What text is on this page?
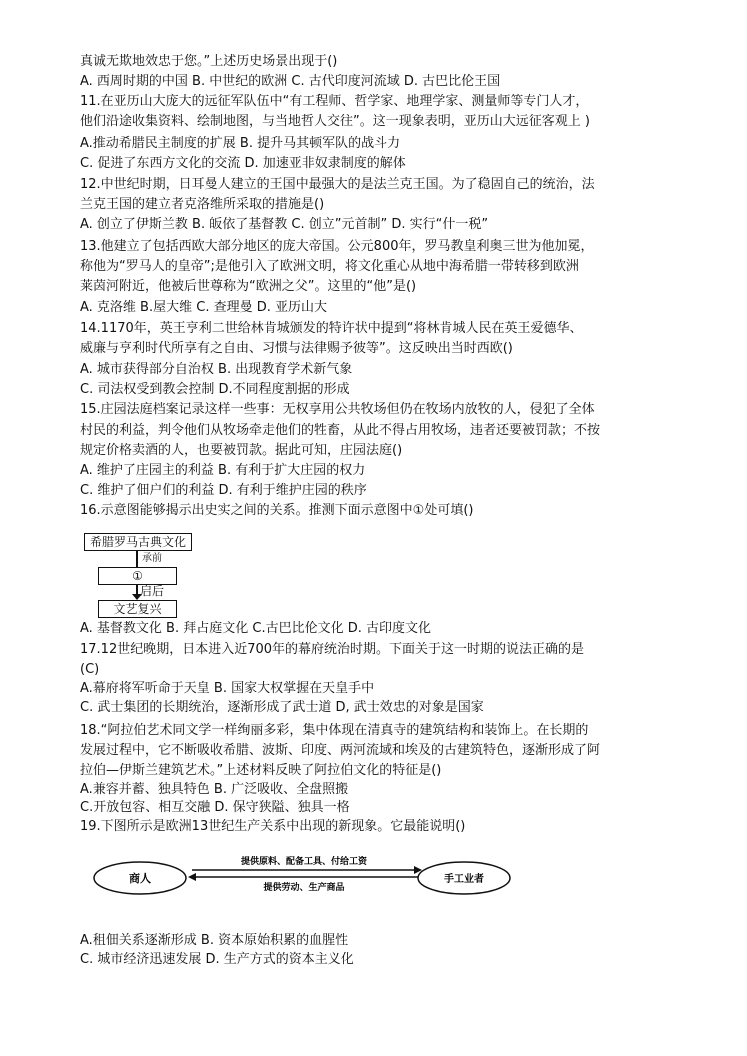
真诚无欺地效忠于您。”上述历史场景出现于()
A. 西周时期的中国 B. 中世纪的欧洲 C. 古代印度河流域 D. 古巴比伦王国
11.在亚历山大庞大的远征军队伍中“有工程师、哲学家、地理学家、测量师等专门人才，
他们沿途收集资料、绘制地图，与当地哲人交往”。这一现象表明，亚历山大远征客观上 )
A.推动希腊民主制度的扩展 B. 提升马其顿军队的战斗力
C. 促进了东西方文化的交流 D. 加速亚非奴隶制度的解体
12.中世纪时期，日耳曼人建立的王国中最强大的是法兰克王国。为了稳固自己的统治，法
兰克王国的建立者克洛维所采取的措施是()
A. 创立了伊斯兰教 B. 皈依了基督教 C. 创立”元首制” D. 实行“什一税”
13.他建立了包括西欧大部分地区的庞大帝国。公元800年，罗马教皇利奥三世为他加冕，
称他为“罗马人的皇帝”;是他引入了欧洲文明，将文化重心从地中海希腊一带转移到欧洲
莱茵河附近，他被后世尊称为“欧洲之父”。这里的“他”是()
A. 克洛维 B.屋大维 C. 查理曼 D. 亚历山大
14.1170年，英王亨利二世给林肯城颁发的特许状中提到“将林肯城人民在英王爱德华、
威廉与亨利时代所享有之自由、习惯与法律赐予彼等”。这反映出当时西欧()
A. 城市获得部分自治权 B. 出现教育学术新气象
C. 司法权受到教会控制 D.不同程度割据的形成
15.庄园法庭档案记录这样一些事：无权享用公共牧场但仍在牧场内放牧的人，侵犯了全体
村民的利益，判令他们从牧场牵走他们的牲畜，从此不得占用牧场，违者还要被罚款；不按
规定价格卖酒的人，也要被罚款。据此可知，庄园法庭()
A. 维护了庄园主的利益 B. 有利于扩大庄园的权力
C. 维护了佃户们的利益 D. 有利于维护庄园的秩序
16.示意图能够揭示出史实之间的关系。推测下面示意图中①处可填()
A. 基督教文化 B. 拜占庭文化 C.古巴比伦文化 D. 古印度文化
17.12世纪晚期，日本进入近700年的幕府统治时期。下面关于这一时期的说法正确的是
(C)
A.幕府将军听命于天皇 B. 国家大权掌握在天皇手中
C. 武士集团的长期统治，逐渐形成了武士道 D, 武士效忠的对象是国家
18.“阿拉伯艺术同文学一样绚丽多彩，集中体现在清真寺的建筑结构和装饰上。在长期的
发展过程中，它不断吸收希腊、波斯、印度、两河流域和埃及的古建筑特色，逐渐形成了阿
拉伯—伊斯兰建筑艺术。”上述材料反映了阿拉伯文化的特征是()
A.兼容并蓄、独具特色 B. 广泛吸收、全盘照搬
C.开放包容、相互交融 D. 保守狭隘、独具一格
19.下图所示是欧洲13世纪生产关系中出现的新现象。它最能说明()
A.租佃关系逐渐形成 B. 资本原始积累的血腥性
C. 城市经济迅速发展 D. 生产方式的资本主义化
希腊罗马古典文化
承前
①
启后
文艺复兴
商人	手工业者
提供原料、配备工具、付给工资
提供劳动、生产商品
